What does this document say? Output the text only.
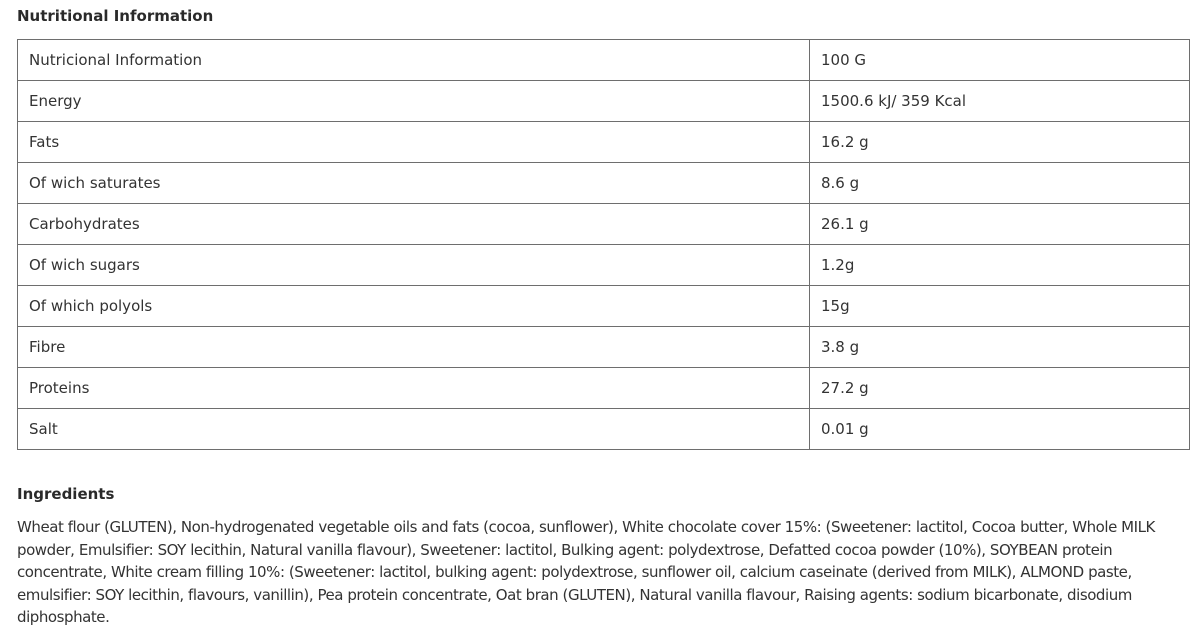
Nutritional Information
Nutricional Information	100 G
Energy	1500.6 kJ/ 359 Kcal
Fats	16.2 g
Of wich saturates	8.6 g
Carbohydrates	26.1 g
Of wich sugars	1.2g
Of which polyols	15g
Fibre	3.8 g
Proteins	27.2 g
Salt	0.01 g
Ingredients

Wheat flour (GLUTEN), Non-hydrogenated vegetable oils and fats (cocoa, sunflower), White chocolate cover 15%: (Sweetener: lactitol, Cocoa butter, Whole MILK powder, Emulsifier: SOY lecithin, Natural vanilla flavour), Sweetener: lactitol, Bulking agent: polydextrose, Defatted cocoa powder (10%), SOYBEAN protein concentrate, White cream filling 10%: (Sweetener: lactitol, bulking agent: polydextrose, sunflower oil, calcium caseinate (derived from MILK), ALMOND paste, emulsifier: SOY lecithin, flavours, vanillin), Pea protein concentrate, Oat bran (GLUTEN), Natural vanilla flavour, Raising agents: sodium bicarbonate, disodium diphosphate.
